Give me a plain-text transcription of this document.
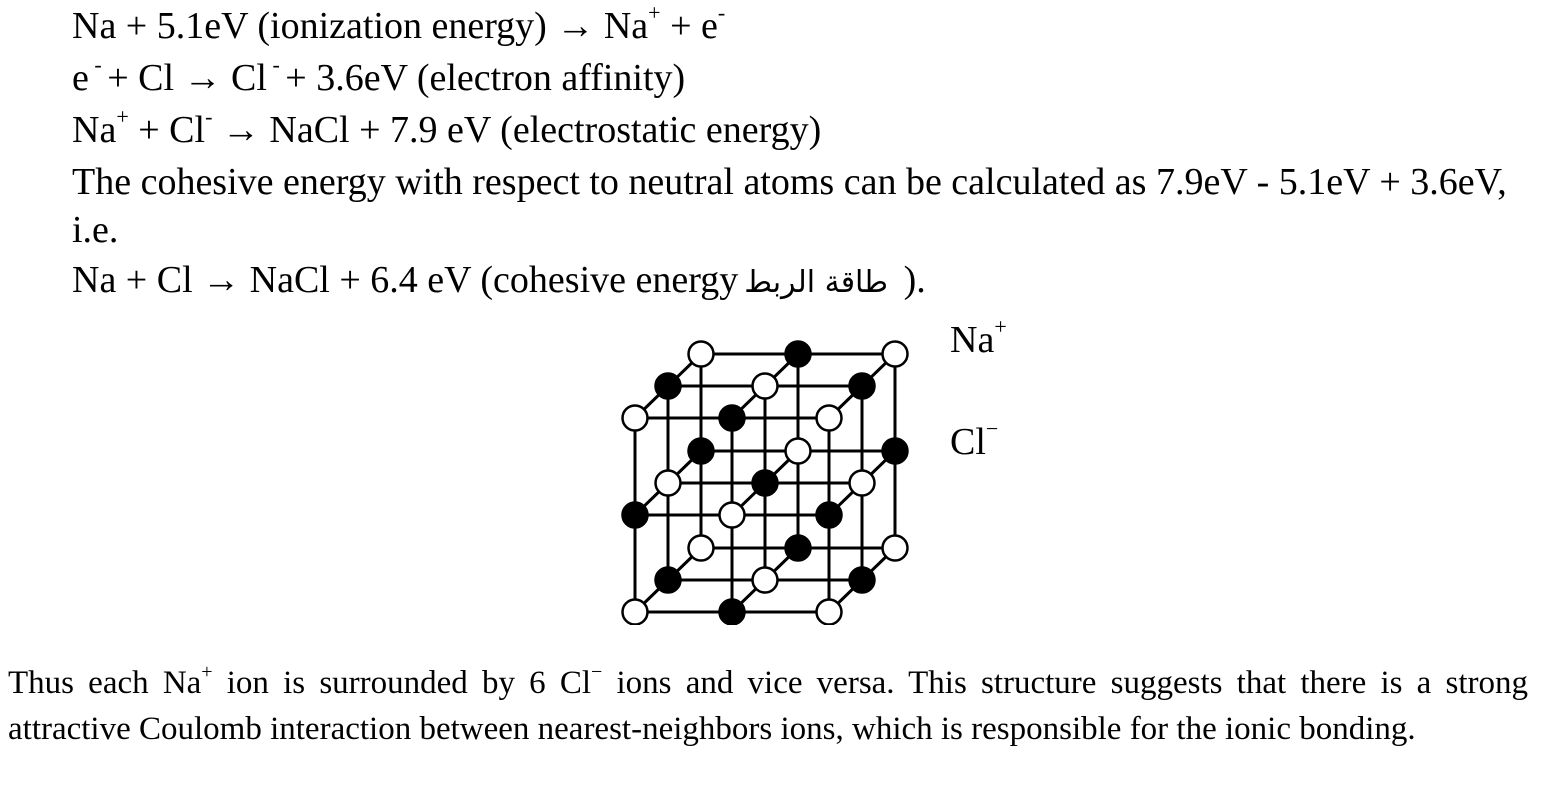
Na + 5.1eV (ionization energy) → Na+ + e-
e - + Cl → Cl - + 3.6eV (electron affinity)
Na+ + Cl- → NaCl + 7.9 eV (electrostatic energy)
The cohesive energy with respect to neutral atoms can be calculated as 7.9eV - 5.1eV + 3.6eV, i.e.
Na + Cl → NaCl + 6.4 eV (cohesive energy طاقة الربط ).
Na+
Cl−
Thus each Na+ ion is surrounded by 6 Cl− ions and vice versa. This structure suggests that there is a strong attractive Coulomb interaction between nearest-neighbors ions, which is responsible for the ionic bonding.
